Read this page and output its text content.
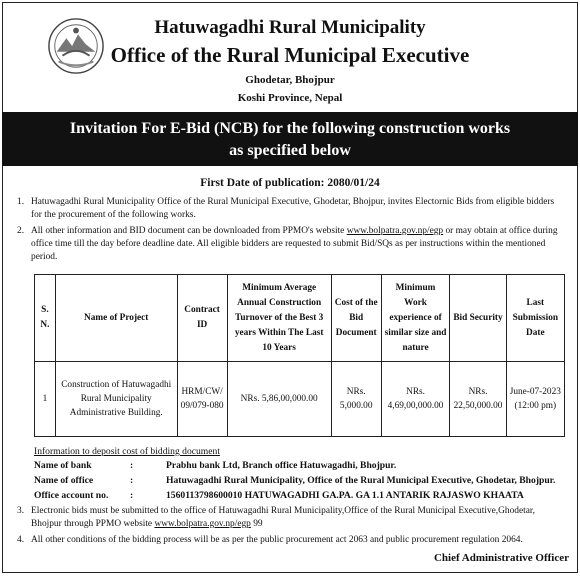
Hatuwagadhi Rural Municipality
Office of the Rural Municipal Executive
Ghodetar, Bhojpur
Koshi Province, Nepal
Invitation For E-Bid (NCB) for the following construction works
as specified below
First Date of publication: 2080/01/24
1. Hatuwagadhi Rural Municipality Office of the Rural Municipal Executive, Ghodetar, Bhojpur, invites Electornic Bids from eligible bidders for the procurement of the following works.
2. All other information and BID document can be downloaded from PPMO's website www.bolpatra.gov.np/egp or may obtain at office during office time till the day before deadline date. All eligible bidders are requested to submit Bid/SQs as per instructions within the mentioned period.
S. N.	Name of Project	Contract ID	Minimum Average Annual Construction Turnover of the Best 3 years Within The Last 10 Years	Cost of the Bid Document	Minimum Work experience of similar size and nature	Bid Security	Last Submission Date
1	Construction of Hatuwagadhi Rural Municipality Administrative Building.	HRM/CW/ 09/079-080	NRs. 5,86,00,000.00	NRs. 5,000.00	NRs. 4,69,00,000.00	NRs. 22,50,000.00	June-07-2023
(12:00 pm)
Information to deposit cost of bidding document
Name of bank	:	Prabhu bank Ltd, Branch office Hatuwagadhi, Bhojpur.
Name of office	:	Hatuwagadhi Rural Municipality, Office of the Rural Municipal Executive, Ghodetar, Bhojpur.
Office account no.	:	1560113798600010 HATUWAGADHI GA.PA. GA 1.1 ANTARIK RAJASWO KHAATA
3. Electronic bids must be submitted to the office of Hatuwagadhi Rural Municipality,Office of the Rural Municipal Executive,Ghodetar, Bhojpur through PPMO website www.bolpatra.gov.np/egp 99
4. All other conditions of the bidding process will be as per the public procurement act 2063 and public procurement regulation 2064.
Chief Administrative Officer
